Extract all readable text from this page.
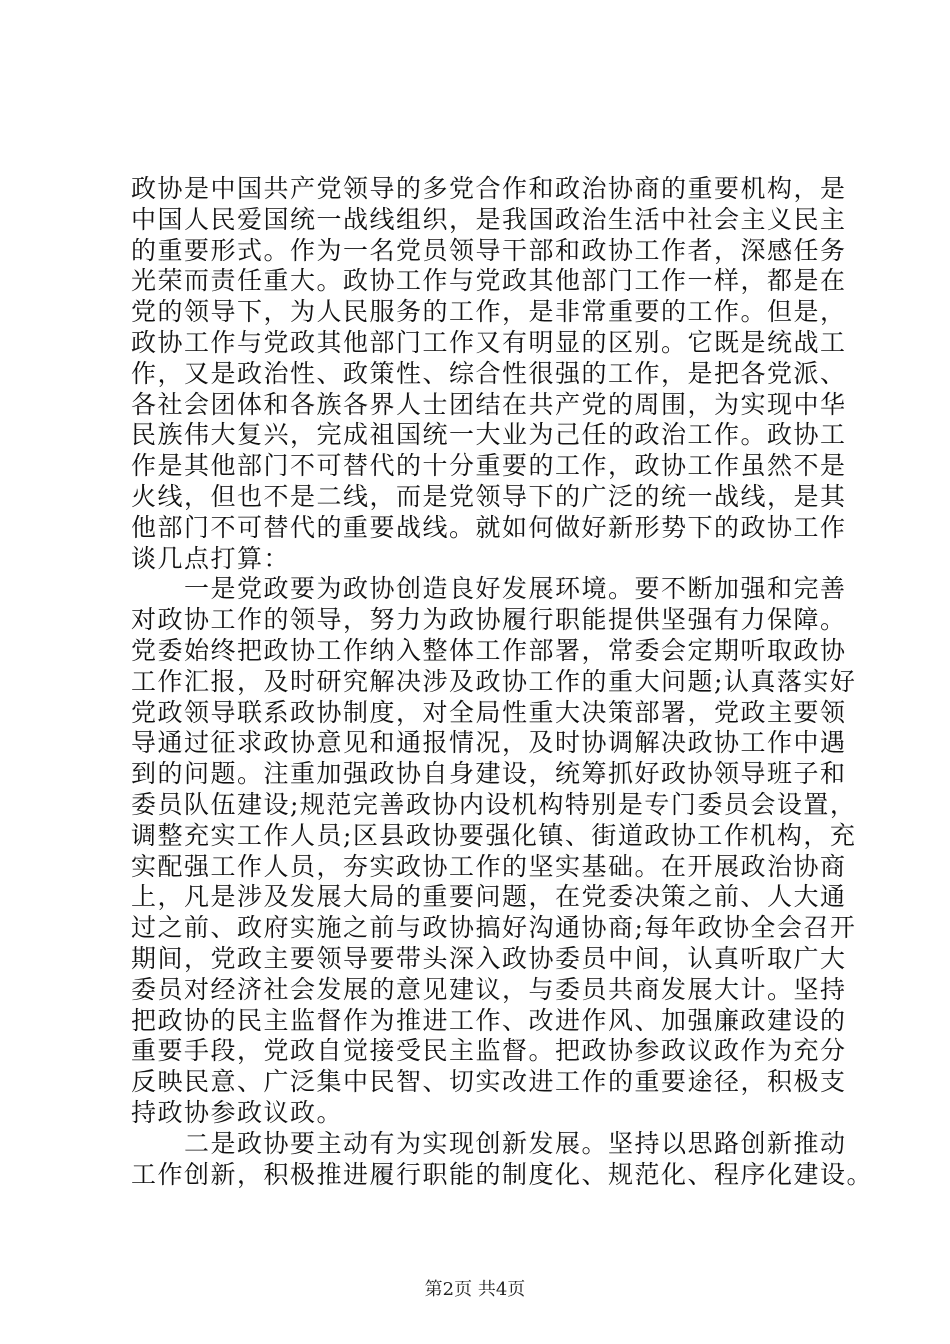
政协是中国共产党领导的多党合作和政治协商的重要机构，是
中国人民爱国统一战线组织，是我国政治生活中社会主义民主
的重要形式。作为一名党员领导干部和政协工作者，深感任务
光荣而责任重大。政协工作与党政其他部门工作一样，都是在
党的领导下，为人民服务的工作，是非常重要的工作。但是，
政协工作与党政其他部门工作又有明显的区别。它既是统战工
作，又是政治性、政策性、综合性很强的工作，是把各党派、
各社会团体和各族各界人士团结在共产党的周围，为实现中华
民族伟大复兴，完成祖国统一大业为己任的政治工作。政协工
作是其他部门不可替代的十分重要的工作，政协工作虽然不是
火线，但也不是二线，而是党领导下的广泛的统一战线，是其
他部门不可替代的重要战线。就如何做好新形势下的政协工作
谈几点打算：
　　一是党政要为政协创造良好发展环境。要不断加强和完善
对政协工作的领导，努力为政协履行职能提供坚强有力保障。
党委始终把政协工作纳入整体工作部署，常委会定期听取政协
工作汇报，及时研究解决涉及政协工作的重大问题;认真落实好
党政领导联系政协制度，对全局性重大决策部署，党政主要领
导通过征求政协意见和通报情况，及时协调解决政协工作中遇
到的问题。注重加强政协自身建设，统筹抓好政协领导班子和
委员队伍建设;规范完善政协内设机构特别是专门委员会设置，
调整充实工作人员;区县政协要强化镇、街道政协工作机构，充
实配强工作人员，夯实政协工作的坚实基础。在开展政治协商
上，凡是涉及发展大局的重要问题，在党委决策之前、人大通
过之前、政府实施之前与政协搞好沟通协商;每年政协全会召开
期间，党政主要领导要带头深入政协委员中间，认真听取广大
委员对经济社会发展的意见建议，与委员共商发展大计。坚持
把政协的民主监督作为推进工作、改进作风、加强廉政建设的
重要手段，党政自觉接受民主监督。把政协参政议政作为充分
反映民意、广泛集中民智、切实改进工作的重要途径，积极支
持政协参政议政。
　　二是政协要主动有为实现创新发展。坚持以思路创新推动
工作创新，积极推进履行职能的制度化、规范化、程序化建设。
第2页 共4页
